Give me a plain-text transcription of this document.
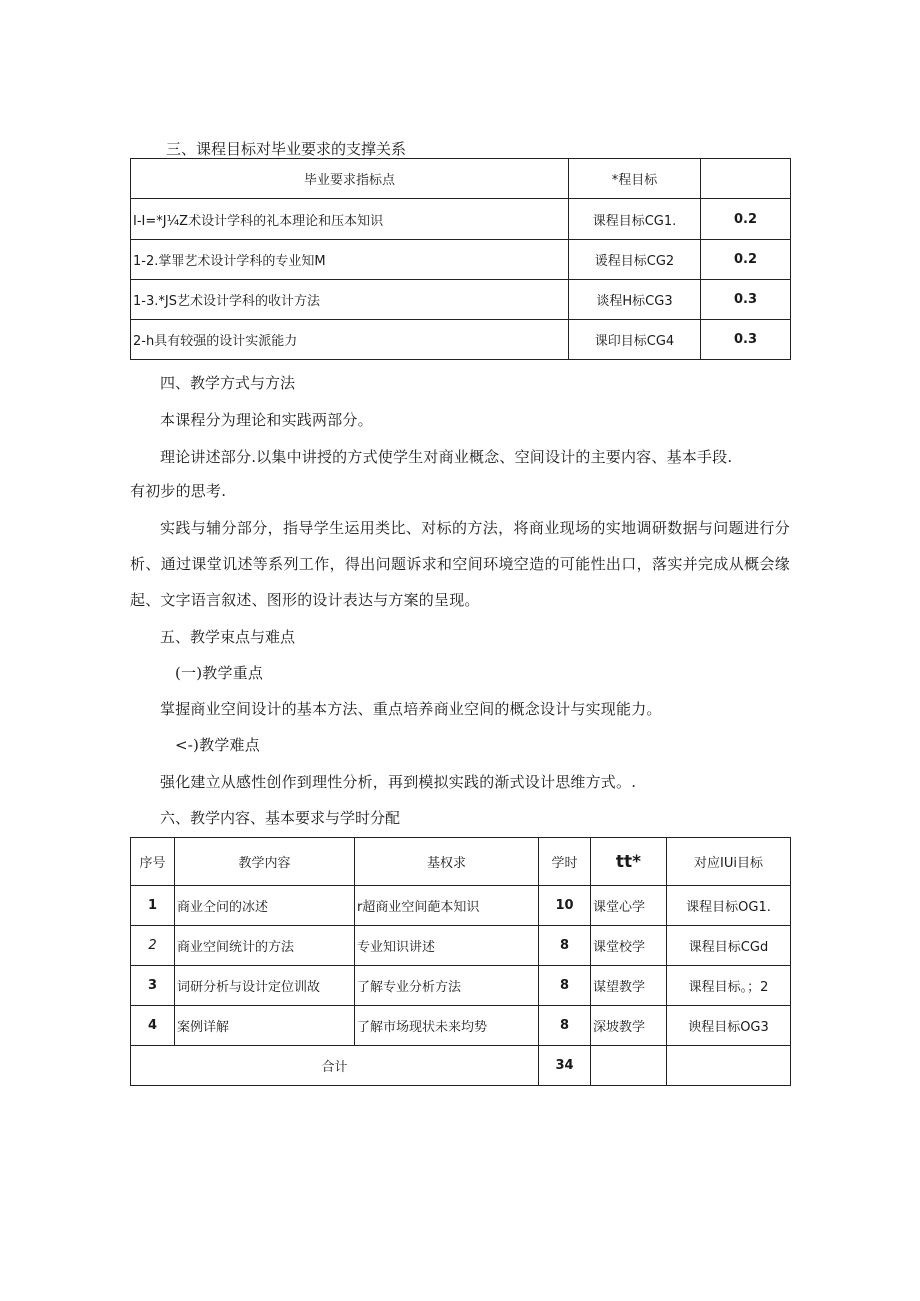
三、课程目标对毕业要求的支撑关系
毕业要求指标点	*程目标	
I-I=*J¼Z术设计学科的礼本理论和压本知识	课程目标CG1.	0.2
1-2.掌罪艺术设计学科的专业知M	谖程目标CG2	0.2
1-3.*JS艺术设计学科的收计方法	谈程H标CG3	0.3
2-h具有较强的设计实派能力	课印目标CG4	0.3
四、教学方式与方法
本课程分为理论和实践两部分。
理论讲述部分.以集中讲授的方式使学生对商业概念、空间设计的主要内容、基本手段.
有初步的思考.
实践与辅分部分，指导学生运用类比、对标的方法，将商业现场的实地调研数据与问题进行分
析、通过课堂讥述等系列工作，得出问题诉求和空间环境空造的可能性出口，落实并完成从概会缘
起、文字语言叙述、图形的设计表达与方案的呈现。
五、教学束点与难点
(一)教学重点
掌握商业空间设计的基本方法、重点培养商业空间的概念设计与实现能力。
<-)教学难点
强化建立从感性创作到理性分析，再到模拟实践的渐式设计思维方式。.
六、教学内容、基本要求与学时分配
序号	教学内容	基权求	学时	tt*	对应IUi目标
1	商业仝问的冰述	r超商业空间葩本知识	10	课堂心学	课程目标OG1.
2	商业空间统计的方法	专业知识讲述	8	课堂校学	课程目标CGd
3	词研分析与设计定位训故	了解专业分析方法	8	谋望教学	课程目标。；2
4	案例详解	了解市场现状未来均势	8	深坡教学	谀程目标OG3
合计			34		
